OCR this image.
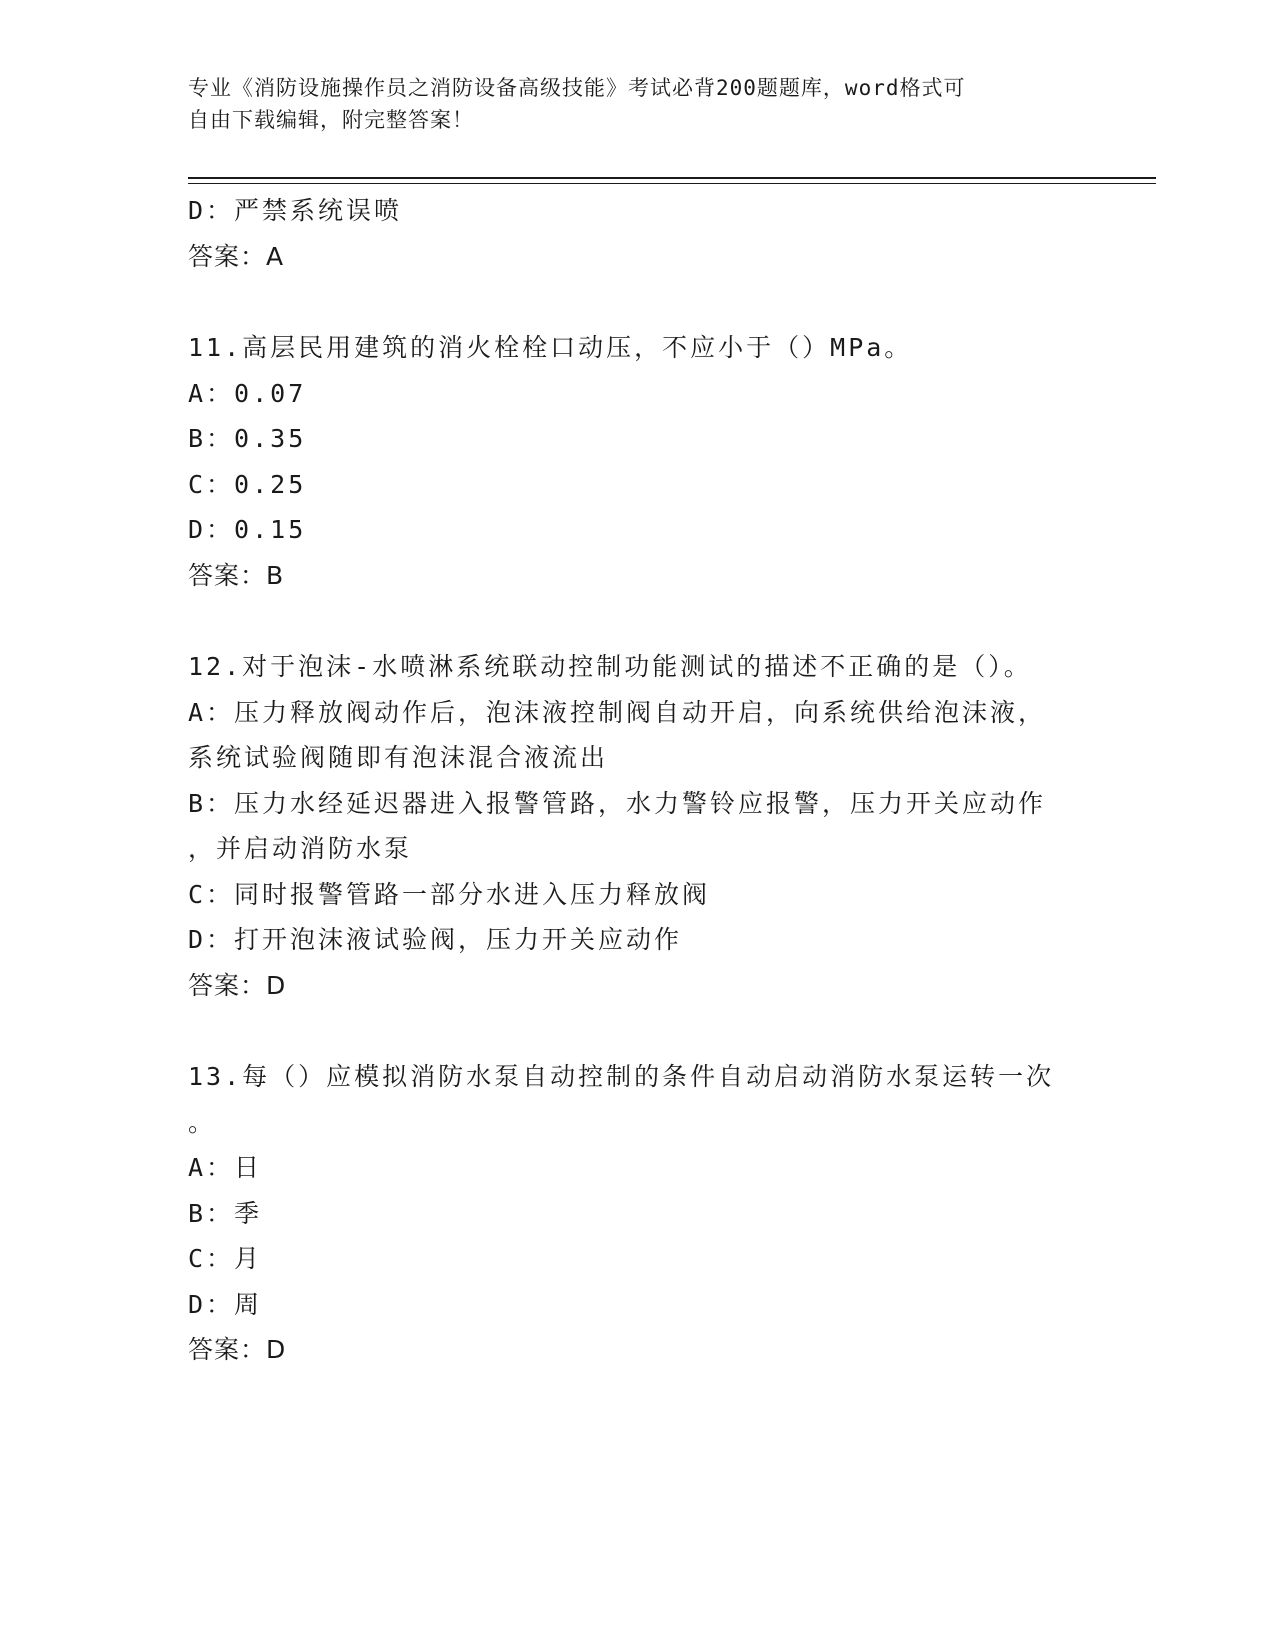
专业《消防设施操作员之消防设备高级技能》考试必背200题题库，word格式可
自由下载编辑，附完整答案！
D：严禁系统误喷
答案：A
11.高层民用建筑的消火栓栓口动压，不应小于（）MPa。
A：0.07
B：0.35
C：0.25
D：0.15
答案：B
12.对于泡沫-水喷淋系统联动控制功能测试的描述不正确的是（）。
A：压力释放阀动作后，泡沫液控制阀自动开启，向系统供给泡沫液，
系统试验阀随即有泡沫混合液流出
B：压力水经延迟器进入报警管路，水力警铃应报警，压力开关应动作
，并启动消防水泵
C：同时报警管路一部分水进入压力释放阀
D：打开泡沫液试验阀，压力开关应动作
答案：D
13.每（）应模拟消防水泵自动控制的条件自动启动消防水泵运转一次
。
A：日
B：季
C：月
D：周
答案：D
